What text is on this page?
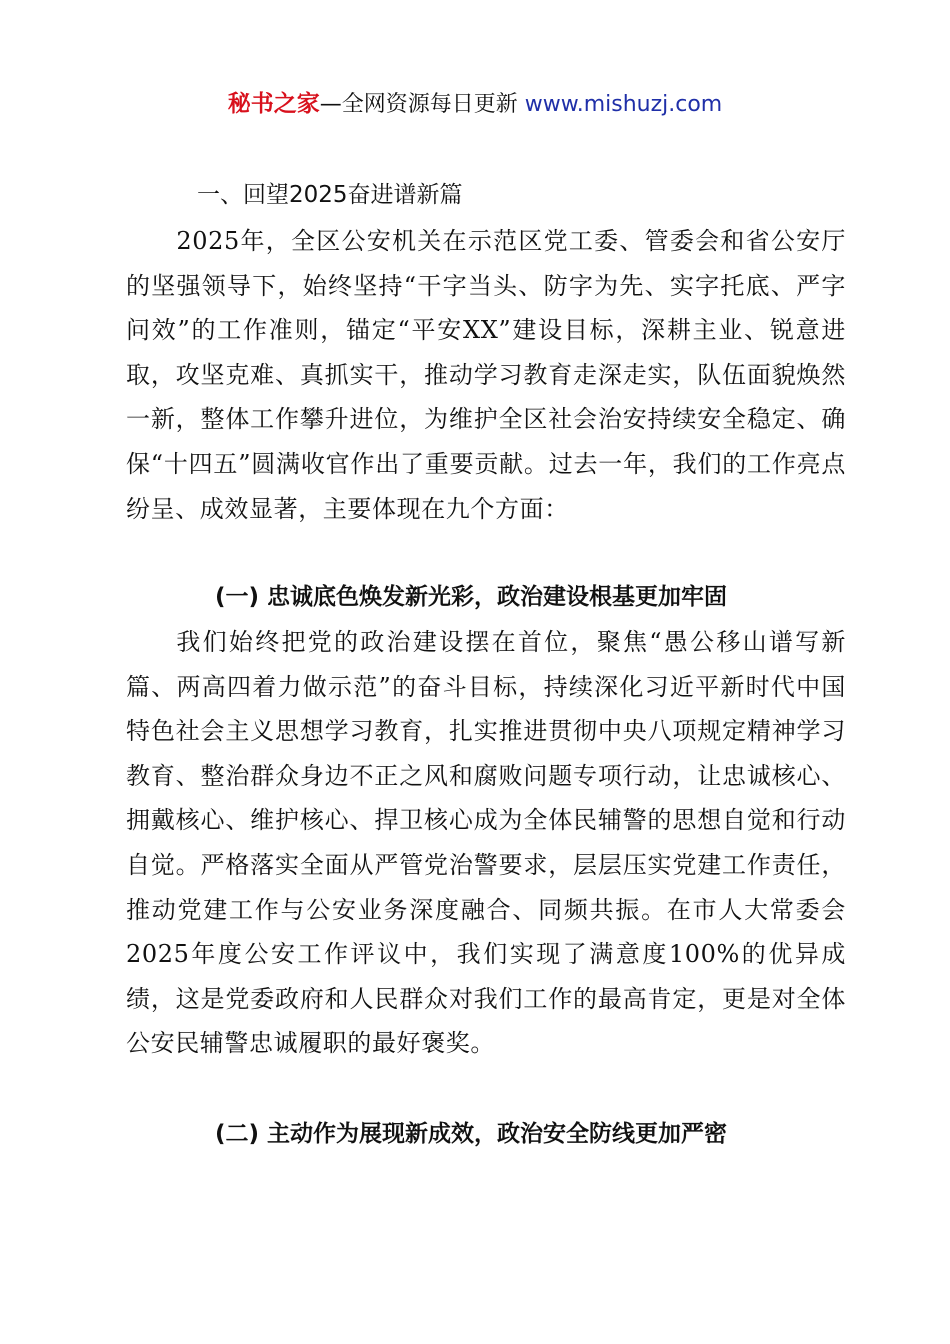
秘书之家—全网资源每日更新 www.mishuzj.com
一、回望2025奋进谱新篇

2025年，全区公安机关在示范区党工委、管委会和省公安厅的坚强领导下，始终坚持“干字当头、防字为先、实字托底、严字问效”的工作准则，锚定“平安XX”建设目标，深耕主业、锐意进取，攻坚克难、真抓实干，推动学习教育走深走实，队伍面貌焕然一新，整体工作攀升进位，为维护全区社会治安持续安全稳定、确保“十四五”圆满收官作出了重要贡献。过去一年，我们的工作亮点纷呈、成效显著，主要体现在九个方面：

(一) 忠诚底色焕发新光彩，政治建设根基更加牢固

我们始终把党的政治建设摆在首位，聚焦“愚公移山谱写新篇、两高四着力做示范”的奋斗目标，持续深化习近平新时代中国特色社会主义思想学习教育，扎实推进贯彻中央八项规定精神学习教育、整治群众身边不正之风和腐败问题专项行动，让忠诚核心、拥戴核心、维护核心、捍卫核心成为全体民辅警的思想自觉和行动自觉。严格落实全面从严管党治警要求，层层压实党建工作责任，推动党建工作与公安业务深度融合、同频共振。在市人大常委会2025年度公安工作评议中，我们实现了满意度100%的优异成绩，这是党委政府和人民群众对我们工作的最高肯定，更是对全体公安民辅警忠诚履职的最好褒奖。

(二) 主动作为展现新成效，政治安全防线更加严密
